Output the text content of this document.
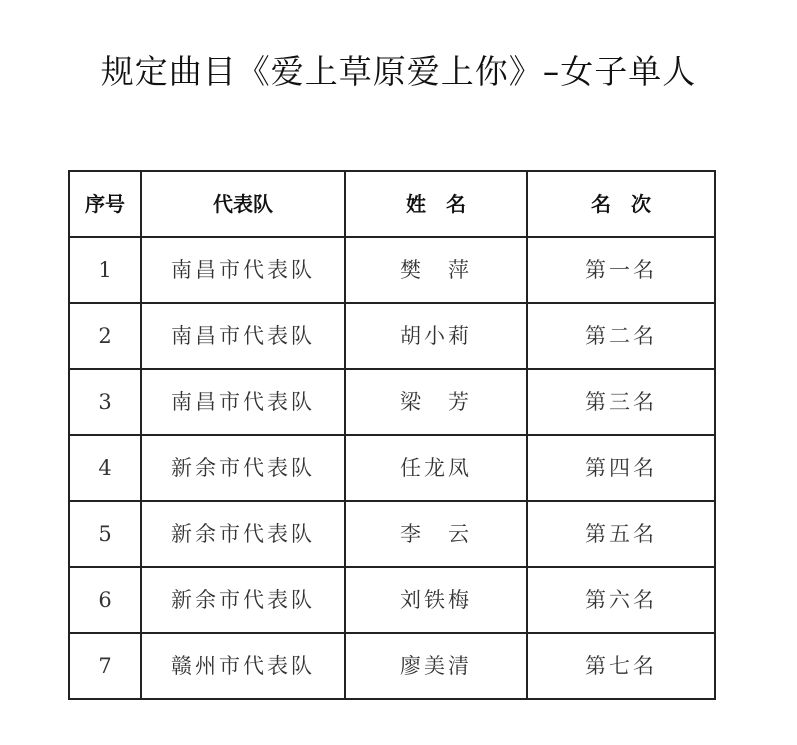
规定曲目《爱上草原爱上你》–女子单人
序号	代表队	姓　名	名　次
1	南昌市代表队	樊　萍	第一名
2	南昌市代表队	胡小莉	第二名
3	南昌市代表队	梁　芳	第三名
4	新余市代表队	任龙凤	第四名
5	新余市代表队	李　云	第五名
6	新余市代表队	刘铁梅	第六名
7	赣州市代表队	廖美清	第七名
